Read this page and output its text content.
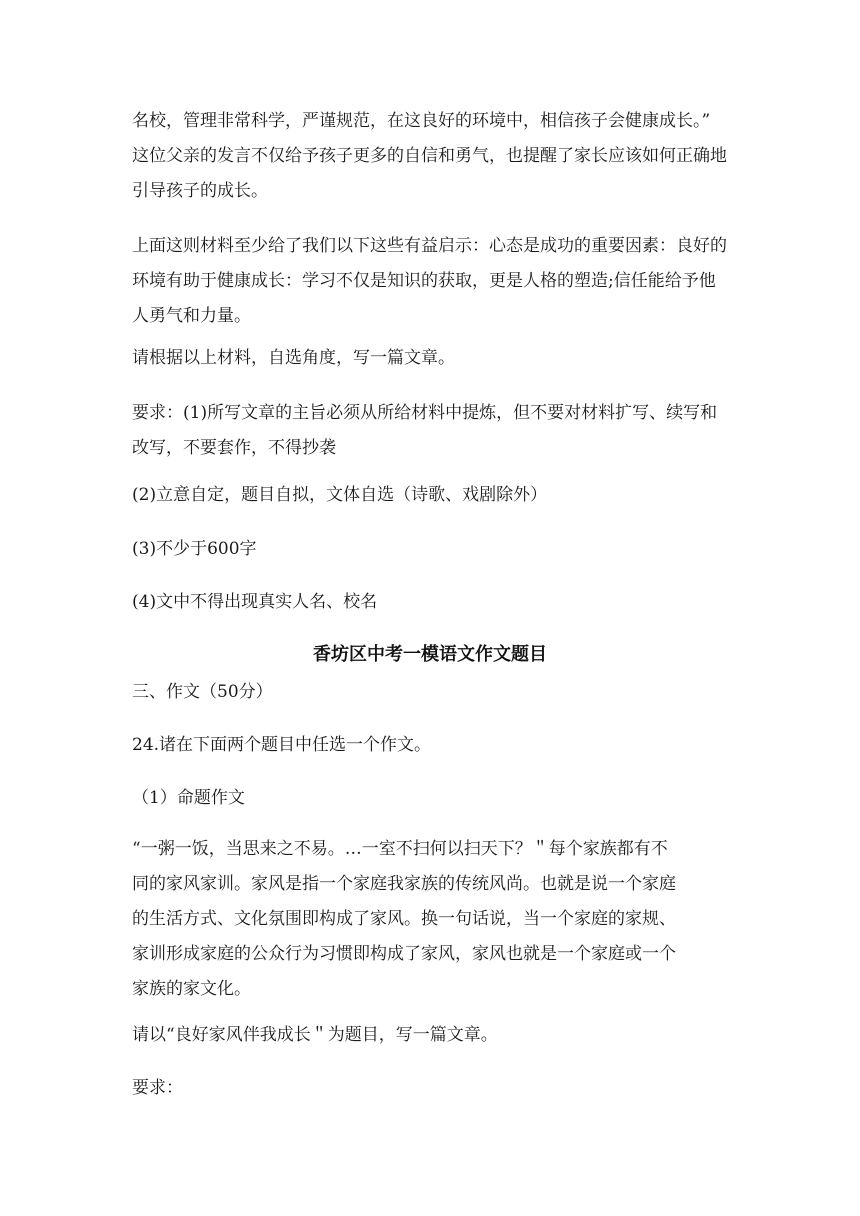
名校，管理非常科学，严谨规范，在这良好的环境中，相信孩子会健康成长。”
这位父亲的发言不仅给予孩子更多的自信和勇气，也提醒了家长应该如何正确地
引导孩子的成长。
上面这则材料至少给了我们以下这些有益启示：心态是成功的重要因素：良好的
环境有助于健康成长：学习不仅是知识的获取，更是人格的塑造;信任能给予他
人勇气和力量。
请根据以上材料，自选角度，写一篇文章。
要求：(1)所写文章的主旨必须从所给材料中提炼，但不要对材料扩写、续写和
改写，不要套作，不得抄袭
(2)立意自定，题目自拟，文体自选（诗歌、戏剧除外）
(3)不少于600字
(4)文中不得出现真实人名、校名
香坊区中考一模语文作文题目
三、作文（50分）
24.诸在下面两个题目中任选一个作文。
（1）命题作文
“一粥一饭，当思来之不易。…一室不扫何以扫天下？＂每个家族都有不
同的家风家训。家风是指一个家庭我家族的传统风尚。也就是说一个家庭
的生活方式、文化氛围即构成了家风。换一句话说，当一个家庭的家规、
家训形成家庭的公众行为习惯即构成了家风，家风也就是一个家庭或一个
家族的家文化。
请以“良好家风伴我成长＂为题目，写一篇文章。
要求：
